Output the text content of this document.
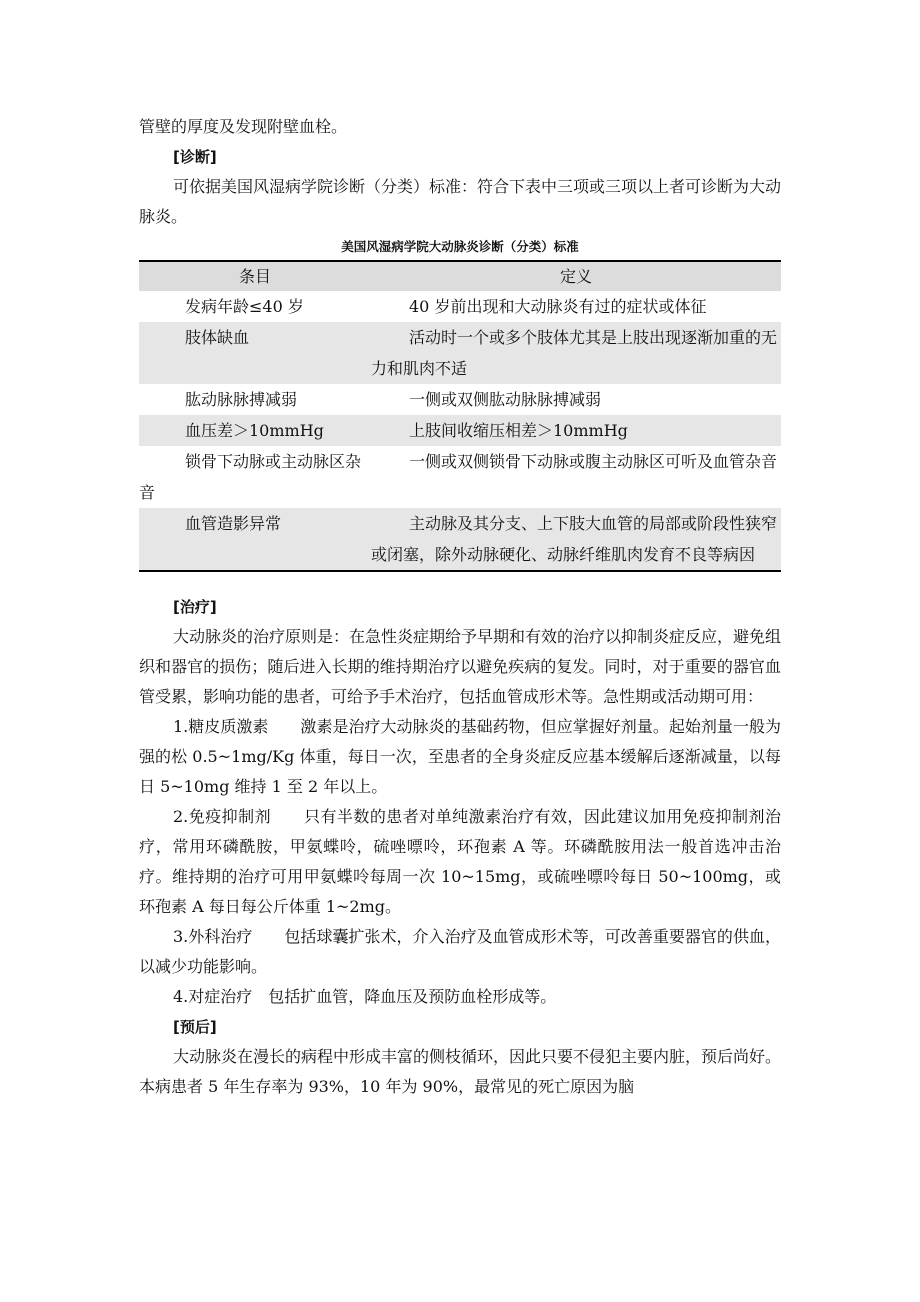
管壁的厚度及发现附壁血栓。

[诊断]

可依据美国风湿病学院诊断（分类）标准：符合下表中三项或三项以上者可诊断为大动脉炎。

美国风湿病学院大动脉炎诊断（分类）标准

条目	定义
发病年龄≤40 岁	40 岁前出现和大动脉炎有过的症状或体征
肢体缺血	活动时一个或多个肢体尤其是上肢出现逐渐加重的无力和肌肉不适
肱动脉脉搏减弱	一侧或双侧肱动脉脉搏减弱
血压差＞10mmHg	上肢间收缩压相差＞10mmHg
锁骨下动脉或主动脉区杂音	一侧或双侧锁骨下动脉或腹主动脉区可听及血管杂音
血管造影异常	主动脉及其分支、上下肢大血管的局部或阶段性狭窄或闭塞，除外动脉硬化、动脉纤维肌肉发育不良等病因

[治疗]

大动脉炎的治疗原则是：在急性炎症期给予早期和有效的治疗以抑制炎症反应，避免组织和器官的损伤；随后进入长期的维持期治疗以避免疾病的复发。同时，对于重要的器官血管受累，影响功能的患者，可给予手术治疗，包括血管成形术等。急性期或活动期可用：

1.糖皮质激素　　激素是治疗大动脉炎的基础药物，但应掌握好剂量。起始剂量一般为强的松 0.5~1mg/Kg 体重，每日一次，至患者的全身炎症反应基本缓解后逐渐减量，以每日 5~10mg 维持 1 至 2 年以上。

2.免疫抑制剂　　只有半数的患者对单纯激素治疗有效，因此建议加用免疫抑制剂治疗，常用环磷酰胺，甲氨蝶呤，硫唑嘌呤，环孢素 A 等。环磷酰胺用法一般首选冲击治疗。维持期的治疗可用甲氨蝶呤每周一次 10~15mg，或硫唑嘌呤每日 50~100mg，或环孢素 A 每日每公斤体重 1~2mg。

3.外科治疗　　包括球囊扩张术，介入治疗及血管成形术等，可改善重要器官的供血，以减少功能影响。

4.对症治疗　包括扩血管，降血压及预防血栓形成等。

[预后]

大动脉炎在漫长的病程中形成丰富的侧枝循环，因此只要不侵犯主要内脏，预后尚好。本病患者 5 年生存率为 93%，10 年为 90%，最常见的死亡原因为脑
